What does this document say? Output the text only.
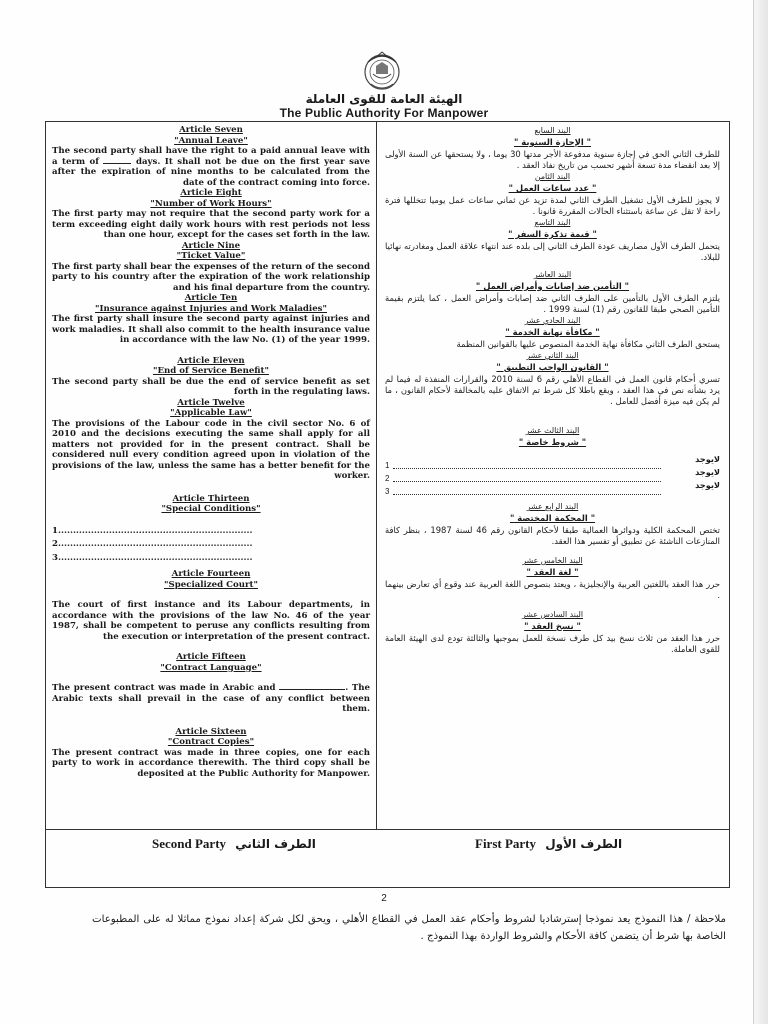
الهيئة العامة للقوى العاملة
The Public Authority For Manpower

Article Seven

"Annual Leave"

The second party shall have the right to a paid annual leave with a term of	days. It shall not be due on the first year save after the expiration of nine months to be calculated from the date of the contract coming into force.

Article Eight

"Number of Work Hours"

The first party may not require that the second party work for a term exceeding eight daily work hours with rest periods not less than one hour, except for the cases set forth in the law.

Article Nine

"Ticket Value"

The first party shall bear the expenses of the return of the second party to his country after the expiration of the work relationship and his final departure from the country.

Article Ten

"Insurance against Injuries and Work Maladies"

The first party shall insure the second party against injuries and work maladies. It shall also commit to the health insurance value in accordance with the law No. (1) of the year 1999.

Article Eleven

"End of Service Benefit"

The second party shall be due the end of service benefit as set forth in the regulating laws.

Article Twelve

"Applicable Law"

The provisions of the Labour code in the civil sector No. 6 of 2010 and the decisions executing the same shall apply for all matters not provided for in the present contract. Shall be considered null every condition agreed upon in violation of the provisions of the law, unless the same has a better benefit for the worker.

Article Thirteen

"Special Conditions"

1.................................................................

2.................................................................

3.................................................................

Article Fourteen

"Specialized Court"

The court of first instance and its Labour departments, in accordance with the provisions of the law No. 46 of the year 1987, shall be competent to peruse any conflicts resulting from the execution or interpretation of the present contract.

Article Fifteen

"Contract Language"

The present contract was made in Arabic and	. The Arabic texts shall prevail in the case of any conflict between them.

Article Sixteen

"Contract Copies"

The present contract was made in three copies, one for each party to work in accordance therewith. The third copy shall be deposited at the Public Authority for Manpower.

البند السابع

" الإجازة السنوية "

للطرف الثاني الحق في إجازة سنوية مدفوعة الأجر مدتها 30 يوما ، ولا يستحقها عن السنة الأولى إلا بعد انقضاء مدة تسعة أشهر تحسب من تاريخ نفاذ العقد .

البند الثامن

" عدد ساعات العمل "

لا يجوز للطرف الأول تشغيل الطرف الثاني لمدة تزيد عن ثماني ساعات عمل يوميا تتخللها فترة راحة لا تقل عن ساعة باستثناء الحالات المقررة قانونا .

البند التاسع

" قيمة تذكرة السفر "

يتحمل الطرف الأول مصاريف عودة الطرف الثاني إلى بلده عند انتهاء علاقة العمل ومغادرته نهائيا للبلاد.

البند العاشر

" التأمين ضد إصابات وأمراض العمل "

يلتزم الطرف الأول بالتأمين على الطرف الثاني ضد إصابات وأمراض العمل ، كما يلتزم بقيمة التأمين الصحي طبقا للقانون رقم (1) لسنة 1999 .

البند الحادي عشر

" مكافأة نهاية الخدمة "

يستحق الطرف الثاني مكافأة نهاية الخدمة المنصوص عليها بالقوانين المنظمة

البند الثاني عشر

" القانون الواجب التطبيق "

تسري أحكام قانون العمل في القطاع الأهلي رقم 6 لسنة 2010 والقرارات المنفذة له فيما لم يرد بشأنه نص في هذا العقد ، ويقع باطلا كل شرط تم الاتفاق عليه بالمخالفة لأحكام القانون ، ما لم يكن فيه ميزة أفضل للعامل .

البند الثالث عشر

" شروط خاصة "

1
لايوجد
2
لايوجد
3
لايوجد

البند الرابع عشر

" المحكمة المختصة "

تختص المحكمة الكلية ودوائرها العمالية طبقا لأحكام القانون رقم 46 لسنة 1987 ، بنظر كافة المنازعات الناشئة عن تطبيق أو تفسير هذا العقد.

البند الخامس عشر

" لغة العقد "

حرر هذا العقد باللغتين العربية والإنجليزية ، ويعتد بنصوص اللغة العربية عند وقوع أي تعارض بينهما .

البند السادس عشر

" نسخ العقد "

حرر هذا العقد من ثلاث نسخ بيد كل طرف نسخة للعمل بموجبها والثالثة تودع لدى الهيئة العامة للقوى العاملة.

Second Party الطرف الثاني	First Party الطرف الأول
2
ملاحظة / هذا النموذج يعد نموذجا إسترشاديا لشروط وأحكام عقد العمل في القطاع الأهلي ، ويحق لكل شركة إعداد نموذج مماثلا له على المطبوعات الخاصة بها شرط أن يتضمن كافة الأحكام والشروط الواردة بهذا النموذج .
